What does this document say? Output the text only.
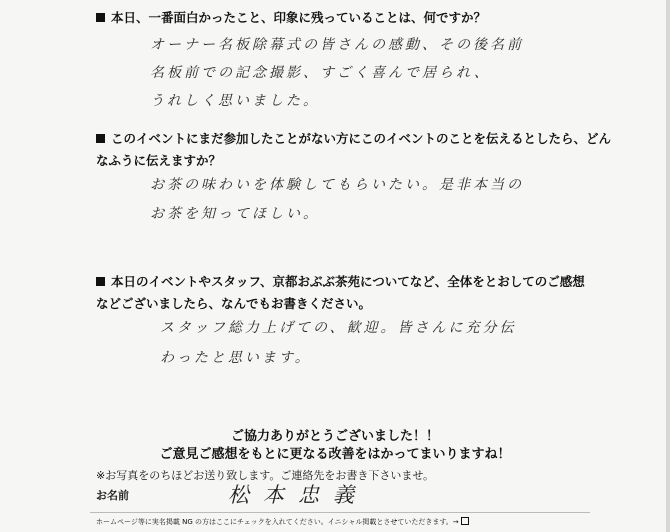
本日、一番面白かったこと、印象に残っていることは、何ですか？
オーナー名板除幕式の皆さんの感動、その後名前
名板前での記念撮影、すごく喜んで居られ、
うれしく思いました。
このイベントにまだ参加したことがない方にこのイベントのことを伝えるとしたら、どん
なふうに伝えますか？
お茶の味わいを体験してもらいたい。是非本当の
お茶を知ってほしい。
本日のイベントやスタッフ、京都おぶぶ茶苑についてなど、全体をとおしてのご感想
などございましたら、なんでもお書きください。
スタッフ総力上げての、歓迎。皆さんに充分伝
わったと思います。
ご協力ありがとうございました！！
ご意見ご感想をもとに更なる改善をはかってまいりますね！
※お写真をのちほどお送り致します。ご連絡先をお書き下さいませ。
お名前	松本忠義
ホームページ等に実名掲載 NG の方はここにチェックを入れてください。イニシャル掲載とさせていただきます。→
